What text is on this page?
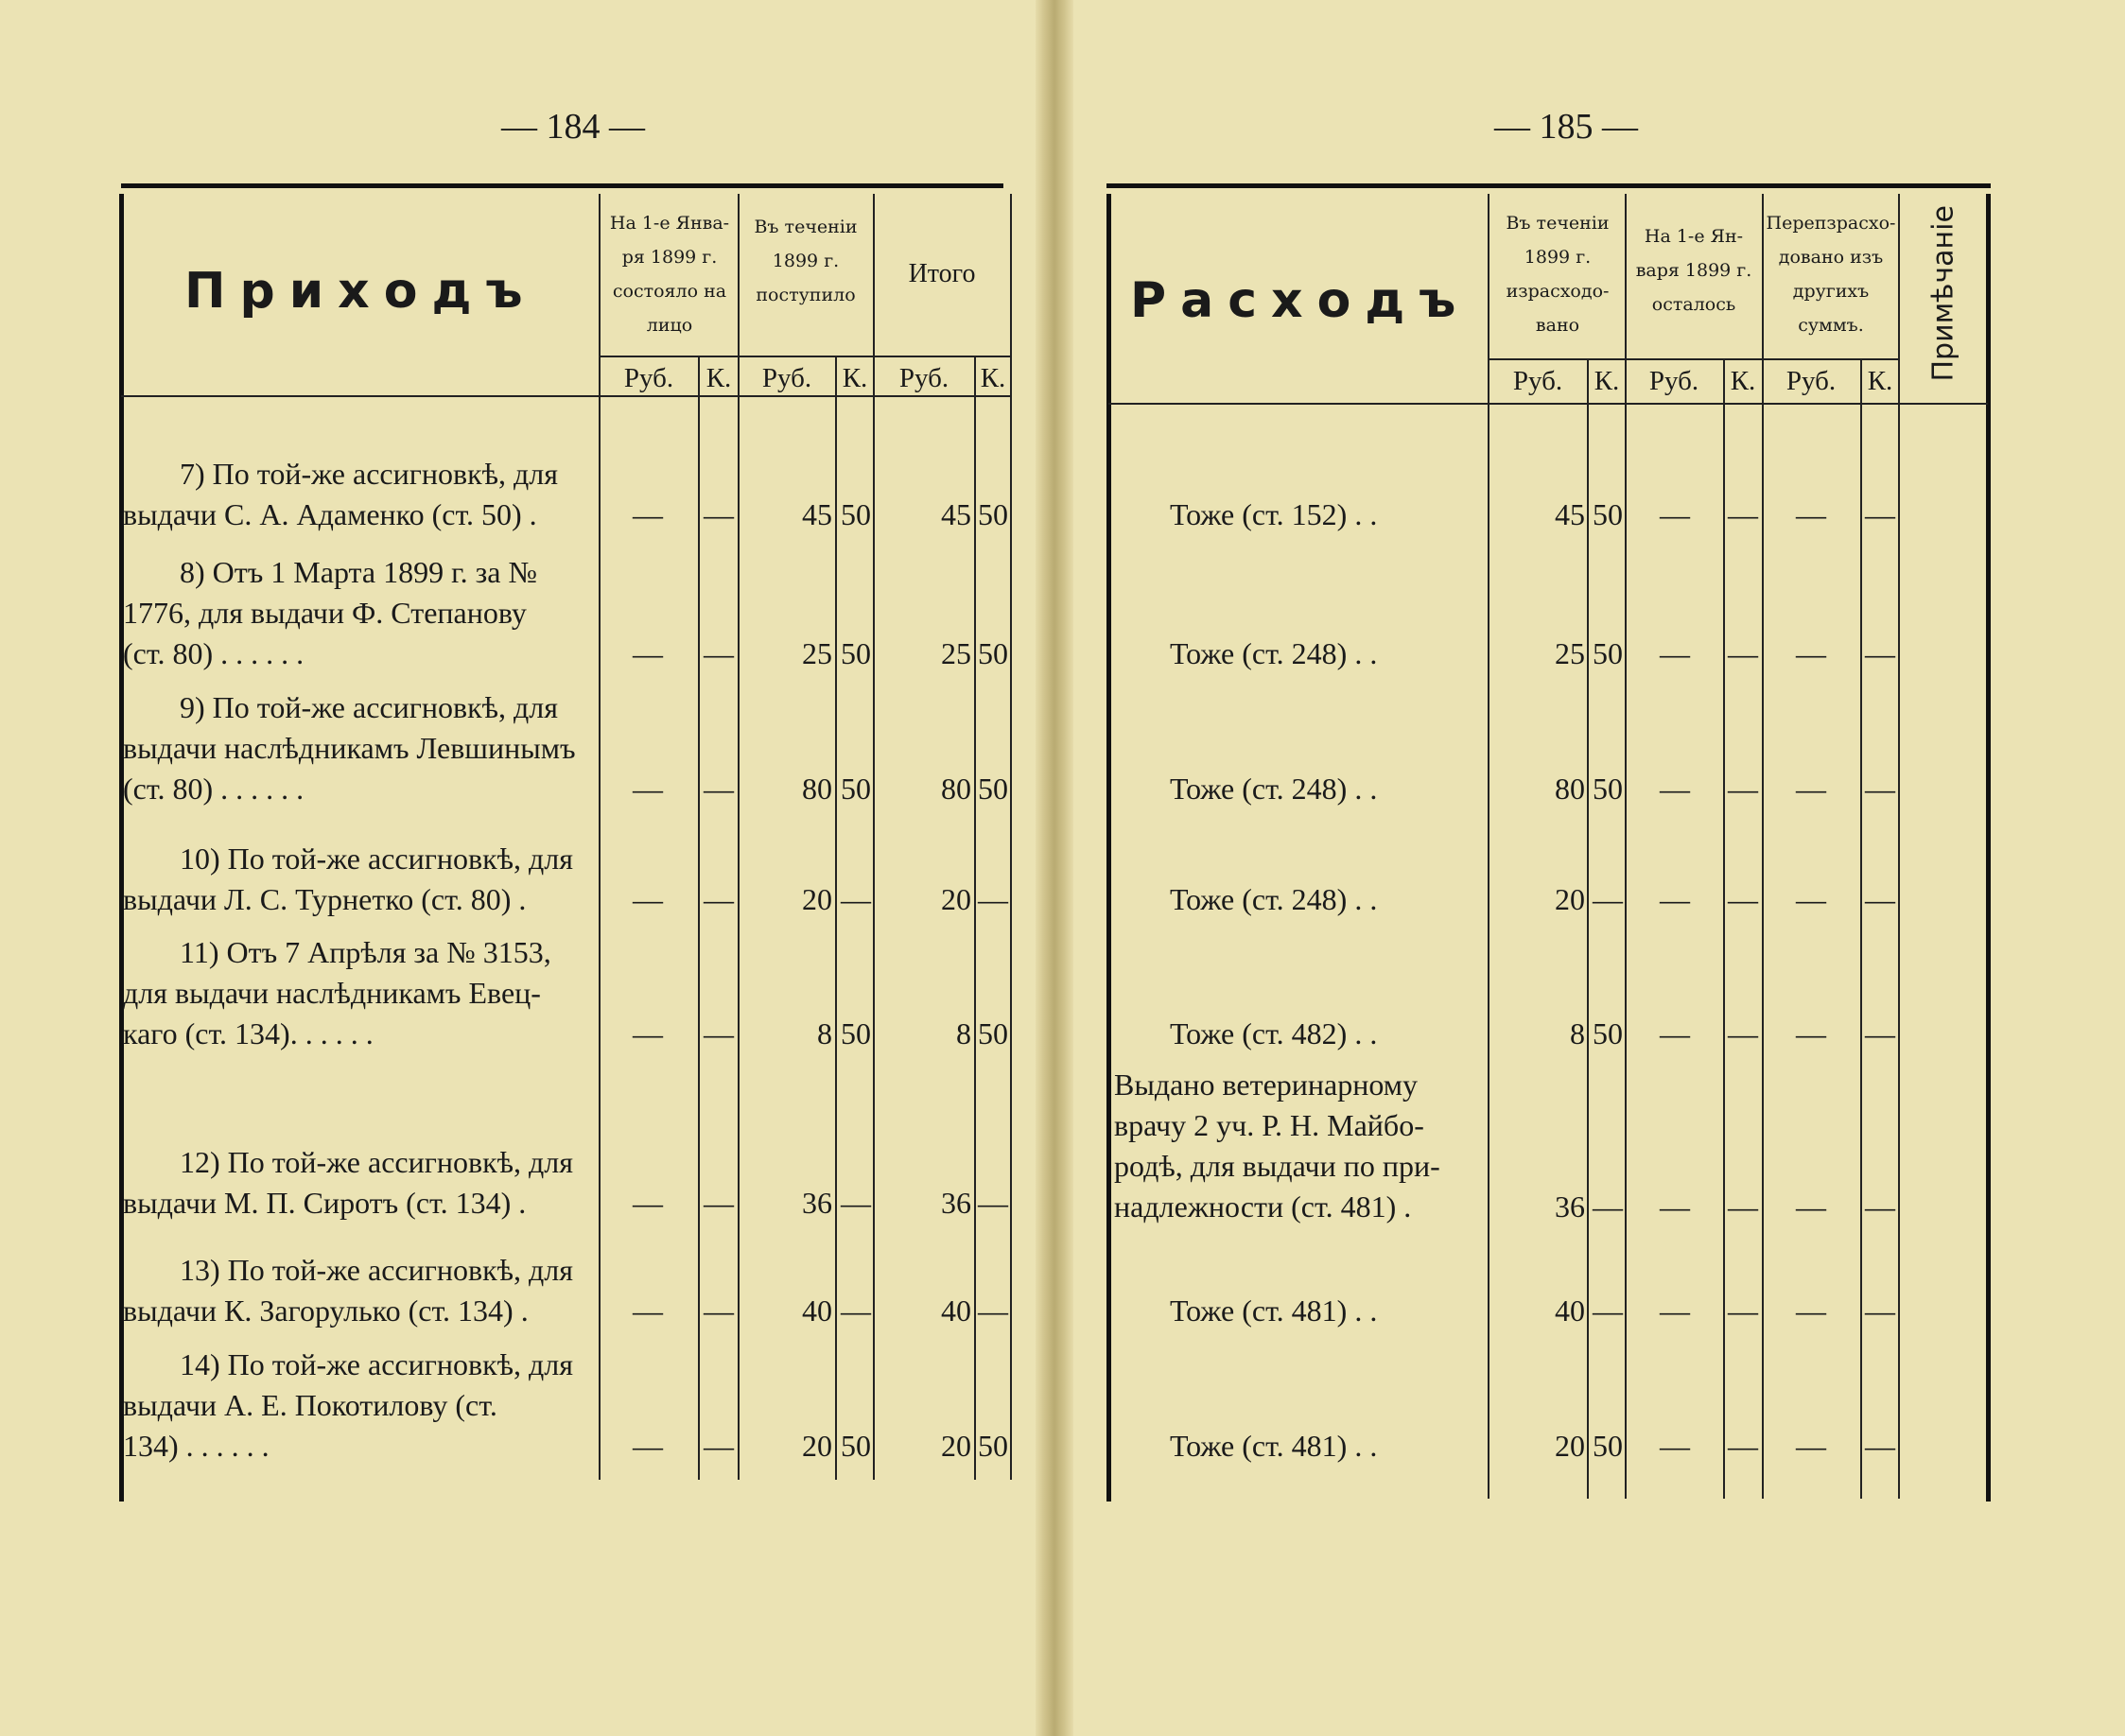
— 184 —
Приходъ
На 1-е Янва-ря 1899 г. состояло на лицо
Въ теченіи 1899 г. поступило
Итого
Руб.	К.	Руб.	К.	Руб.	К.
7) По той-же ассигновкѣ, для
выдачи С. А. Адаменко (ст. 50) .	—	—	45 50	45 50
8) Отъ 1 Марта 1899 г. за №
1776, для выдачи Ф. Степанову
(ст. 80) . . . . . .	—	—	25 50	25 50
9) По той-же ассигновкѣ, для
выдачи наслѣдникамъ Левшинымъ
(ст. 80) . . . . . .	—	—	80 50	80 50
10) По той-же ассигновкѣ, для
выдачи Л. С. Турнетко (ст. 80) .	—	—	20 —	20 —
11) Отъ 7 Апрѣля за № 3153,
для выдачи наслѣдникамъ Евец-
каго (ст. 134). . . . . .	—	—	8 50	8 50
12) По той-же ассигновкѣ, для
выдачи М. П. Сиротъ (ст. 134) .	—	—	36 —	36 —
13) По той-же ассигновкѣ, для
выдачи К. Загорулько (ст. 134) .	—	—	40 —	40 —
14) По той-же ассигновкѣ, для
выдачи А. Е. Покотилову (ст.
134) . . . . . .	—	—	20 50	20 50
— 185 —
Расходъ
Въ теченіи 1899 г. израсходо-вано
На 1-е Ян-варя 1899 г. осталось
Перепзрасхо-довано изъ другихъ суммъ.	Примѣчаніе
Руб.	К.	Руб.	К.	Руб.	К.
Тоже (ст. 152) . .	45 50	—	—	—	—
Тоже (ст. 248) . .	25 50	—	—	—	—
Тоже (ст. 248) . .	80 50	—	—	—	—
Тоже (ст. 248) . .	20 —	—	—	—	—
Тоже (ст. 482) . .	8 50	—	—	—	—
Выдано ветеринарному
врачу 2 уч. Р. Н. Майбо-
родѣ, для выдачи по при-
надлежности (ст. 481) .	36 —	—	—	—	—
Тоже (ст. 481) . .	40 —	—	—	—	—
Тоже (ст. 481) . .	20 50	—	—	—	—
